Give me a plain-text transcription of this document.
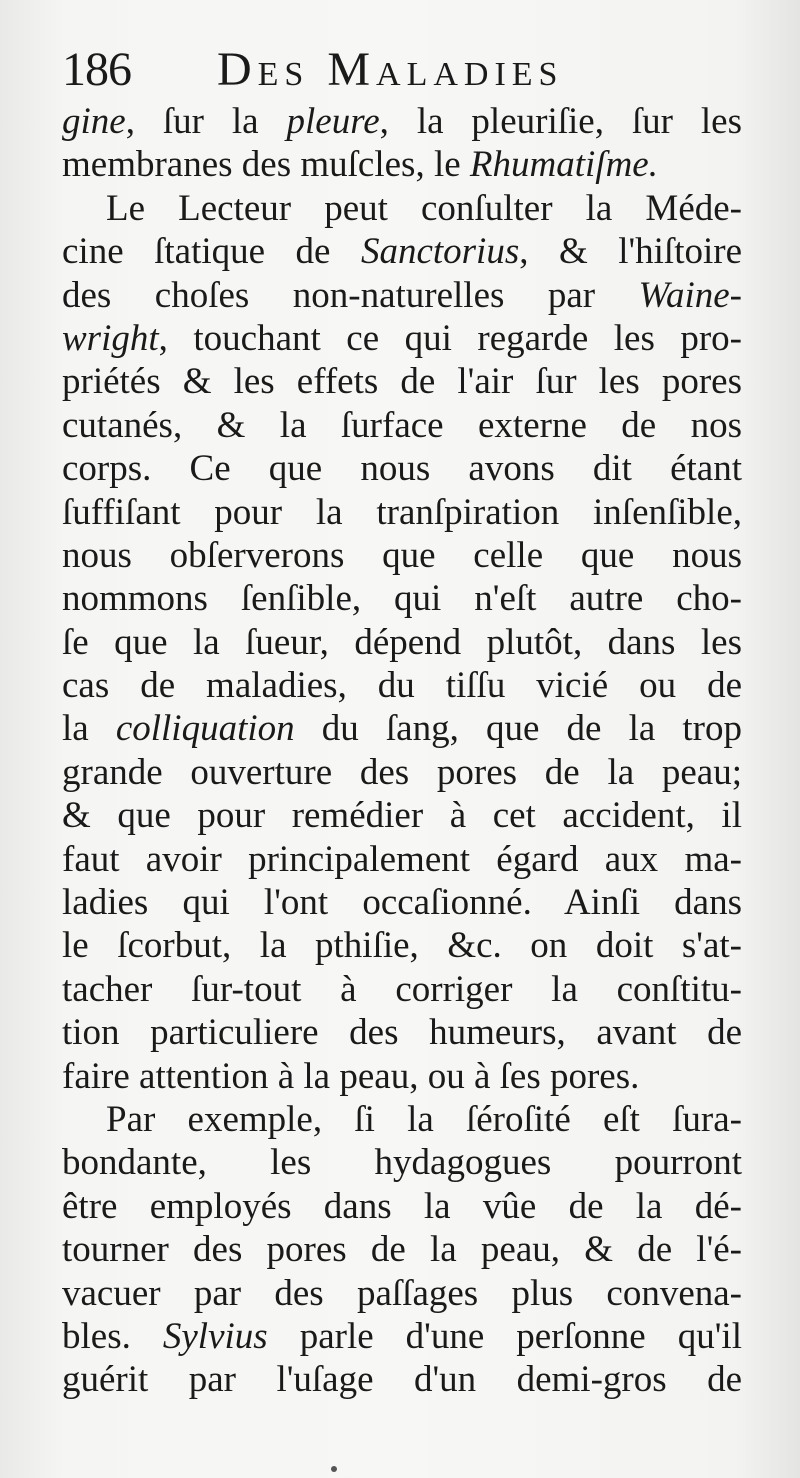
186 Des Maladies
gine, ſur la pleure, la pleuriſie, ſur les
membranes des muſcles, le Rhumatiſme.
Le Lecteur peut conſulter la Méde-
cine ſtatique de Sanctorius, & l'hiſtoire
des choſes non-naturelles par Waine-
wright, touchant ce qui regarde les pro-
priétés & les effets de l'air ſur les pores
cutanés, & la ſurface externe de nos
corps. Ce que nous avons dit étant
ſuffiſant pour la tranſpiration inſenſible,
nous obſerverons que celle que nous
nommons ſenſible, qui n'eſt autre cho-
ſe que la ſueur, dépend plutôt, dans les
cas de maladies, du tiſſu vicié ou de
la colliquation du ſang, que de la trop
grande ouverture des pores de la peau;
& que pour remédier à cet accident, il
faut avoir principalement égard aux ma-
ladies qui l'ont occaſionné. Ainſi dans
le ſcorbut, la pthiſie, &c. on doit s'at-
tacher ſur-tout à corriger la conſtitu-
tion particuliere des humeurs, avant de
faire attention à la peau, ou à ſes pores.
Par exemple, ſi la ſéroſité eſt ſura-
bondante, les hydagogues pourront
être employés dans la vûe de la dé-
tourner des pores de la peau, & de l'é-
vacuer par des paſſages plus convena-
bles. Sylvius parle d'une perſonne qu'il
guérit par l'uſage d'un demi-gros de
